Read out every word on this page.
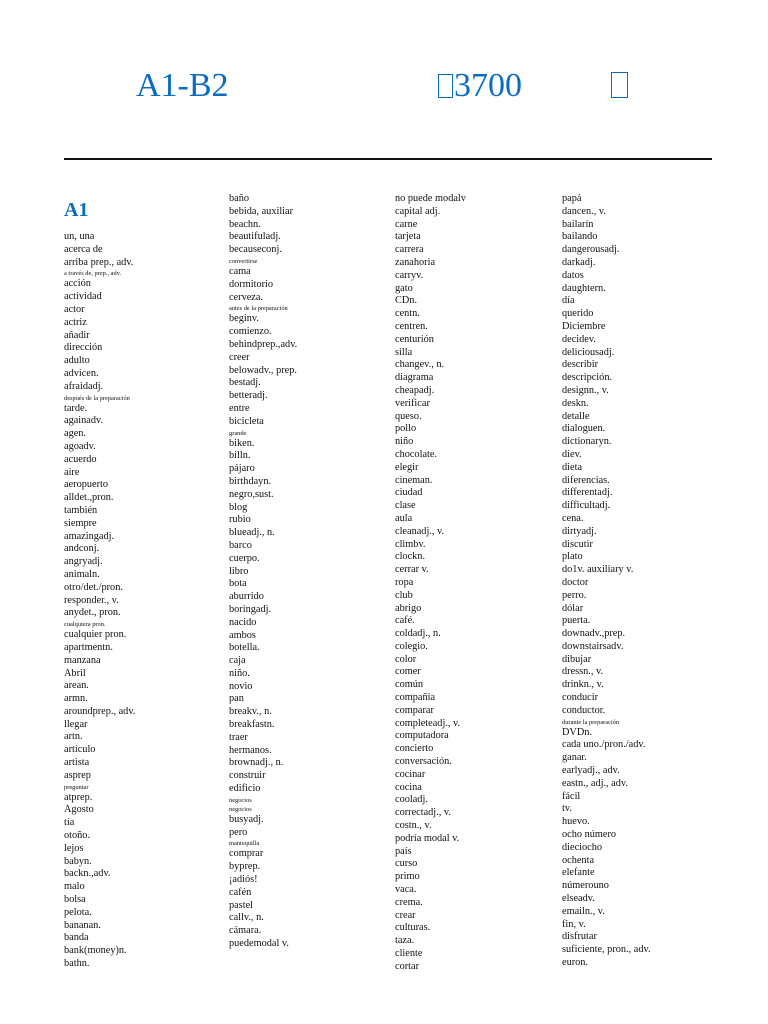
A1-B2	3700
A1
un, una
acerca de
arriba prep., adv.
a través de, prep., adv.
acción
actividad
actor
actriz
añadir
dirección
adulto
advicen.
afraidadj.
después de la preparación
tarde.
againadv.
agen.
agoadv.
acuerdo
aire
aeropuerto
alldet.,pron.
también
siempre
amazingadj.
andconj.
angryadj.
animaln.
otro/det./pron.
responder., v.
anydet., pron.
cualquiera pron.
cualquier pron.
apartmentn.
manzana
Abril
arean.
armn.
aroundprep., adv.
llegar
artn.
artículo
artista
asprep
preguntar
atprep.
Agosto
tía
otoño.
lejos
babyn.
backn.,adv.
malo
bolsa
pelota.
bananan.
banda
bank(money)n.
bathn.
baño
bebida, auxiliar
beachn.
beautifuladj.
becauseconj.
convertirse
cama
dormitorio
cerveza.
antes de la preparación
beginv.
comienzo.
behindprep.,adv.
creer
belowadv., prep.
bestadj.
betteradj.
entre
bicicleta
grande
biken.
billn.
pájaro
birthdayn.
negro,sust.
blog
rubio
blueadj., n.
barco
cuerpo.
libro
bota
aburrido
boringadj.
nacido
ambos
botella.
caja
niño.
novio
pan
breakv., n.
breakfastn.
traer
hermanos.
brownadj., n.
construir
edificio
negocios
negocios
busyadj.
pero
mantequilla
comprar
byprep.
¡adiós!
cafén
pastel
callv., n.
cámara.
pue⁠demodal v.
no puede modalv
capital adj.
carne
tarjeta
carrera
zanahoria
carryv.
gato
CDn.
centn.
centren.
centurión
silla
changev., n.
diagrama
cheapadj.
verificar
queso.
pollo
niño
chocolate.
elegir
cineman.
ciudad
clase
aula
cleanadj., v.
climbv.
clockn.
cerrar v.
ropa
club
abrigo
café.
coldadj., n.
colegio.
color
comer
común
compañía
comparar
completeadj., v.
computadora
concierto
conversación.
cocinar
cocina
cooladj.
correctadj., v.
costn., v.
podría modal v.
país
curso
primo
vaca.
crema.
crear
culturas.
taza.
cliente
cortar
papá
dancen., v.
bailarín
bailando
dangerousadj.
darkadj.
datos
daughtern.
día
querido
Diciembre
decidev.
deliciousadj.
describir
descripción.
designn., v.
deskn.
detalle
dialoguen.
dictionaryn.
diev.
dieta
diferencias.
differentadj.
difficultadj.
cena.
dirtyadj.
discutir
plato
do1v. auxiliary v.
doctor
perro.
dólar
puerta.
downadv.,prep.
downstairsadv.
dibujar
dressn., v.
drinkn., v.
conducir
conductor.
durante la preparación
DVDn.
cada uno./pron./adv.
ganar.
earlyadj., adv.
eastn., adj., adv.
fácil
tv.
huevo.
ocho número
dieciocho
ochenta
elefante
númerouno
elseadv.
emailn., v.
fin, v.
disfrutar
suficiente, pron., adv.
euron.
